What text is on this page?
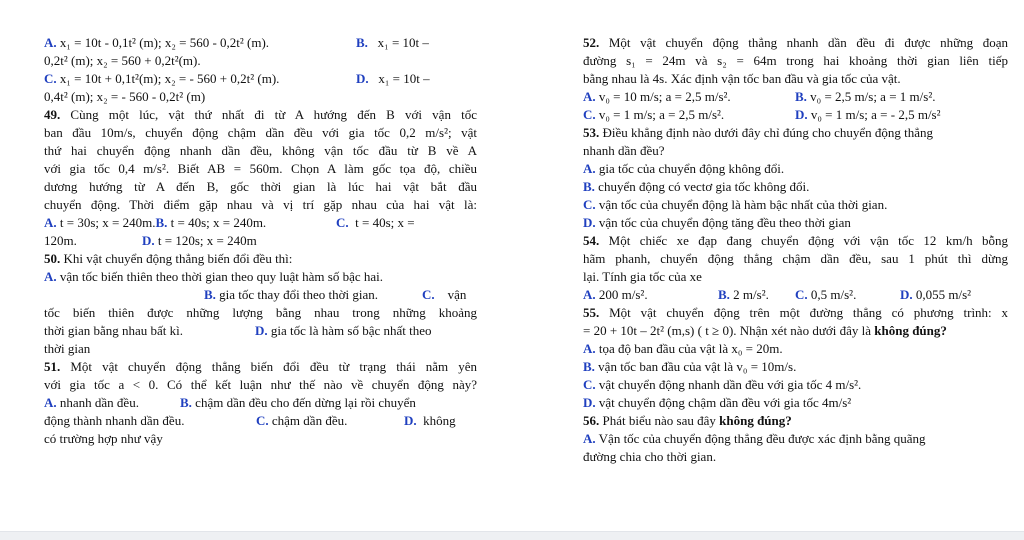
A. x₁ = 10t - 0,1t² (m); x₂ = 560 - 0,2t² (m).	B. x₁ = 10t –
0,2t² (m); x₂ = 560 + 0,2t²(m).
C. x₁ = 10t + 0,1t²(m); x₂ = - 560 + 0,2t² (m).	D. x₁ = 10t –
0,4t² (m); x₂ = - 560 - 0,2t² (m)
49. Cùng một lúc, vật thứ nhất đi từ A hướng đến B với vận tốc
ban đầu 10m/s, chuyển động chậm dần đều với gia tốc 0,2 m/s²; vật
thứ hai chuyển động nhanh dần đều, không vận tốc đầu từ B về A
với gia tốc 0,4 m/s². Biết AB = 560m. Chọn A làm gốc tọa độ, chiều
dương hướng từ A đến B, gốc thời gian là lúc hai vật bắt đầu
chuyển động. Thời điểm gặp nhau và vị trí gặp nhau của hai vật là:
A. t = 30s; x = 240m.B. t = 40s; x = 240m.	C. t = 40s; x =
120m.	D. t = 120s; x = 240m
50. Khi vật chuyển động thẳng biến đổi đều thì:
A. vận tốc biến thiên theo thời gian theo quy luật hàm số bậc hai.
B. gia tốc thay đổi theo thời gian.	C. vận
tốc biến thiên được những lượng bằng nhau trong những khoảng
thời gian bằng nhau bất kì.	D. gia tốc là hàm số bậc nhất theo
thời gian
51. Một vật chuyển động thẳng biến đổi đều từ trạng thái nằm yên
với gia tốc a < 0. Có thể kết luận như thế nào về chuyển động này?
A. nhanh dần đều.	B. chậm dần đều cho đến dừng lại rồi chuyển
động thành nhanh dần đều.	C. chậm dần đều.	D. không
có trường hợp như vậy
52. Một vật chuyển động thẳng nhanh dần đều đi được những đoạn
đường s₁ = 24m và s₂ = 64m trong hai khoảng thời gian liên tiếp
bằng nhau là 4s. Xác định vận tốc ban đầu và gia tốc của vật.
A. v₀ = 10 m/s; a = 2,5 m/s².	B. v₀ = 2,5 m/s; a = 1 m/s².
C. v₀ = 1 m/s; a = 2,5 m/s².	D. v₀ = 1 m/s; a = - 2,5 m/s²
53. Điều khẳng định nào dưới đây chỉ đúng cho chuyển động thẳng
nhanh dần đều?
A. gia tốc của chuyển động không đổi.
B. chuyển động có vectơ gia tốc không đổi.
C. vận tốc của chuyển động là hàm bậc nhất của thời gian.
D. vận tốc của chuyển động tăng đều theo thời gian
54. Một chiếc xe đạp đang chuyển động với vận tốc 12 km/h bỗng
hãm phanh, chuyển động thẳng chậm dần đều, sau 1 phút thì dừng
lại. Tính gia tốc của xe
A. 200 m/s².	B. 2 m/s². C. 0,5 m/s².	D. 0,055 m/s²
55. Một vật chuyển động trên một đường thẳng có phương trình: x
= 20 + 10t – 2t² (m,s) ( t ≥ 0). Nhận xét nào dưới đây là không đúng?
A. tọa độ ban đầu của vật là x₀ = 20m.
B. vận tốc ban đầu của vật là v₀ = 10m/s.
C. vật chuyển động nhanh dần đều với gia tốc 4 m/s².
D. vật chuyển động chậm dần đều với gia tốc 4m/s²
56. Phát biểu nào sau đây không đúng?
A. Vận tốc của chuyển động thẳng đều được xác định bằng quãng
đường chia cho thời gian.
